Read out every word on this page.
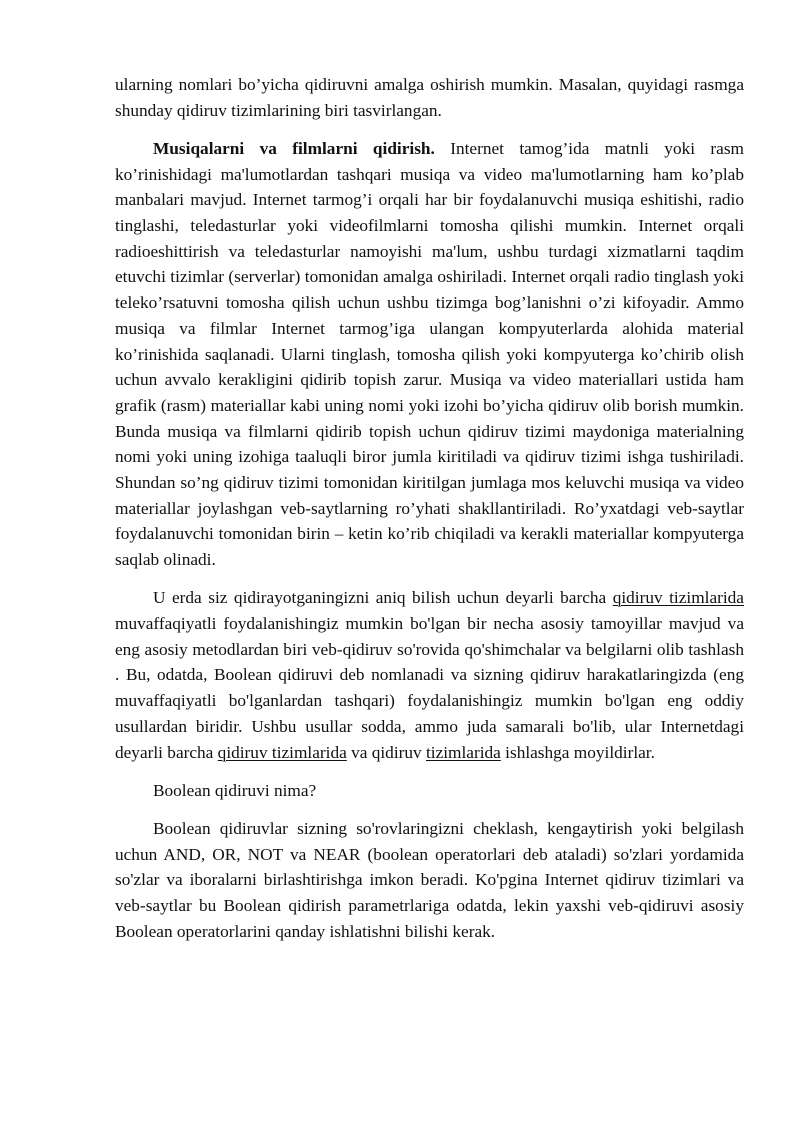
ularning nomlari bo’yicha qidiruvni amalga oshirish mumkin. Masalan, quyidagi rasmga shunday qidiruv tizimlarining biri tasvirlangan.

Musiqalarni va filmlarni qidirish. Internet tamog’ida matnli yoki rasm ko’rinishidagi ma'lumotlardan tashqari musiqa va video ma'lumotlarning ham ko’plab manbalari mavjud. Internet tarmog’i orqali har bir foydalanuvchi musiqa eshitishi, radio tinglashi, teledasturlar yoki videofilmlarni tomosha qilishi mumkin. Internet orqali radioeshittirish va teledasturlar namoyishi ma'lum, ushbu turdagi xizmatlarni taqdim etuvchi tizimlar (serverlar) tomonidan amalga oshiriladi. Internet orqali radio tinglash yoki teleko’rsatuvni tomosha qilish uchun ushbu tizimga bog’lanishni o’zi kifoyadir. Ammo musiqa va filmlar Internet tarmog’iga ulangan kompyuterlarda alohida material ko’rinishida saqlanadi. Ularni tinglash, tomosha qilish yoki kompyuterga ko’chirib olish uchun avvalo kerakligini qidirib topish zarur. Musiqa va video materiallari ustida ham grafik (rasm) materiallar kabi uning nomi yoki izohi bo’yicha qidiruv olib borish mumkin. Bunda musiqa va filmlarni qidirib topish uchun qidiruv tizimi maydoniga materialning nomi yoki uning izohiga taaluqli biror jumla kiritiladi va qidiruv tizimi ishga tushiriladi. Shundan so’ng qidiruv tizimi tomonidan kiritilgan jumlaga mos keluvchi musiqa va video materiallar joylashgan veb-saytlarning ro’yhati shakllantiriladi. Ro’yxatdagi veb-saytlar foydalanuvchi tomonidan birin – ketin ko’rib chiqiladi va kerakli materiallar kompyuterga saqlab olinadi.

U erda siz qidirayotganingizni aniq bilish uchun deyarli barcha qidiruv tizimlarida muvaffaqiyatli foydalanishingiz mumkin bo'lgan bir necha asosiy tamoyillar mavjud va eng asosiy metodlardan biri veb-qidiruv so'rovida qo'shimchalar va belgilarni olib tashlash . Bu, odatda, Boolean qidiruvi deb nomlanadi va sizning qidiruv harakatlaringizda (eng muvaffaqiyatli bo'lganlardan tashqari) foydalanishingiz mumkin bo'lgan eng oddiy usullardan biridir. Ushbu usullar sodda, ammo juda samarali bo'lib, ular Internetdagi deyarli barcha qidiruv tizimlarida va qidiruv tizimlarida ishlashga moyildirlar.

Boolean qidiruvi nima?

Boolean qidiruvlar sizning so'rovlaringizni cheklash, kengaytirish yoki belgilash uchun AND, OR, NOT va NEAR (boolean operatorlari deb ataladi) so'zlari yordamida so'zlar va iboralarni birlashtirishga imkon beradi. Ko'pgina Internet qidiruv tizimlari va veb-saytlar bu Boolean qidirish parametrlariga odatda, lekin yaxshi veb-qidiruvi asosiy Boolean operatorlarini qanday ishlatishni bilishi kerak.
